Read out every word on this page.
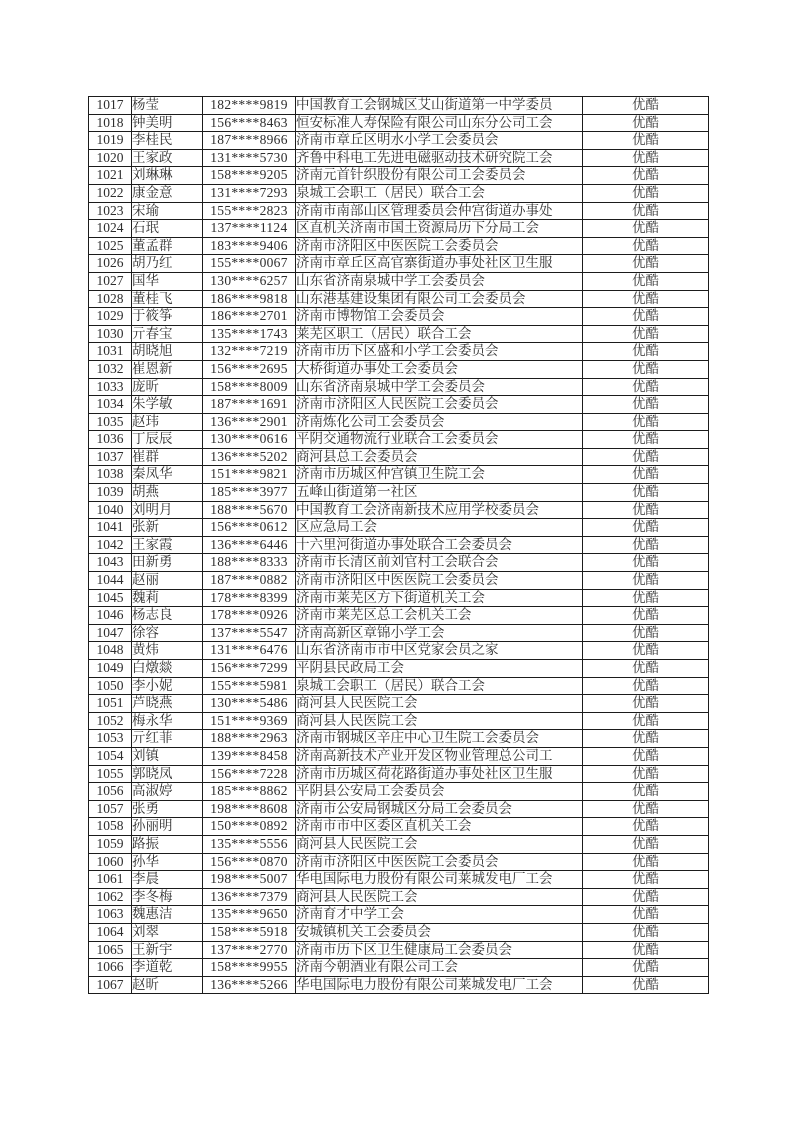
1017	杨莹	182****9819	中国教育工会钢城区艾山街道第一中学委员	优酷
1018	钟美明	156****8463	恒安标准人寿保险有限公司山东分公司工会	优酷
1019	李桂民	187****8966	济南市章丘区明水小学工会委员会	优酷
1020	王家政	131****5730	齐鲁中科电工先进电磁驱动技术研究院工会	优酷
1021	刘琳琳	158****9205	济南元首针织股份有限公司工会委员会	优酷
1022	康金意	131****7293	泉城工会职工（居民）联合工会	优酷
1023	宋瑜	155****2823	济南市南部山区管理委员会仲宫街道办事处	优酷
1024	石珉	137****1124	区直机关济南市国土资源局历下分局工会	优酷
1025	董孟群	183****9406	济南市济阳区中医医院工会委员会	优酷
1026	胡乃红	155****0067	济南市章丘区高官寨街道办事处社区卫生服	优酷
1027	国华	130****6257	山东省济南泉城中学工会委员会	优酷
1028	董桂飞	186****9818	山东港基建设集团有限公司工会委员会	优酷
1029	于筱筝	186****2701	济南市博物馆工会委员会	优酷
1030	亓春宝	135****1743	莱芜区职工（居民）联合工会	优酷
1031	胡晓旭	132****7219	济南市历下区盛和小学工会委员会	优酷
1032	崔恩新	156****2695	大桥街道办事处工会委员会	优酷
1033	庞昕	158****8009	山东省济南泉城中学工会委员会	优酷
1034	朱学敏	187****1691	济南市济阳区人民医院工会委员会	优酷
1035	赵玮	136****2901	济南炼化公司工会委员会	优酷
1036	丁辰辰	130****0616	平阴交通物流行业联合工会委员会	优酷
1037	崔群	136****5202	商河县总工会委员会	优酷
1038	秦凤华	151****9821	济南市历城区仲宫镇卫生院工会	优酷
1039	胡燕	185****3977	五峰山街道第一社区	优酷
1040	刘明月	188****5670	中国教育工会济南新技术应用学校委员会	优酷
1041	张新	156****0612	区应急局工会	优酷
1042	王家霞	136****6446	十六里河街道办事处联合工会委员会	优酷
1043	田新勇	188****8333	济南市长清区前刘官村工会联合会	优酷
1044	赵丽	187****0882	济南市济阳区中医医院工会委员会	优酷
1045	魏莉	178****8399	济南市莱芜区方下街道机关工会	优酷
1046	杨志良	178****0926	济南市莱芜区总工会机关工会	优酷
1047	徐容	137****5547	济南高新区章锦小学工会	优酷
1048	黄炜	131****6476	山东省济南市市中区党家会员之家	优酷
1049	白燉燚	156****7299	平阴县民政局工会	优酷
1050	李小妮	155****5981	泉城工会职工（居民）联合工会	优酷
1051	芦晓燕	130****5486	商河县人民医院工会	优酷
1052	梅永华	151****9369	商河县人民医院工会	优酷
1053	亓红菲	188****2963	济南市钢城区辛庄中心卫生院工会委员会	优酷
1054	刘镇	139****8458	济南高新技术产业开发区物业管理总公司工	优酷
1055	郭晓凤	156****7228	济南市历城区荷花路街道办事处社区卫生服	优酷
1056	高淑婷	185****8862	平阴县公安局工会委员会	优酷
1057	张勇	198****8608	济南市公安局钢城区分局工会委员会	优酷
1058	孙丽明	150****0892	济南市市中区委区直机关工会	优酷
1059	路振	135****5556	商河县人民医院工会	优酷
1060	孙华	156****0870	济南市济阳区中医医院工会委员会	优酷
1061	李晨	198****5007	华电国际电力股份有限公司莱城发电厂工会	优酷
1062	李冬梅	136****7379	商河县人民医院工会	优酷
1063	魏惠洁	135****9650	济南育才中学工会	优酷
1064	刘翠	158****5918	安城镇机关工会委员会	优酷
1065	王新宇	137****2770	济南市历下区卫生健康局工会委员会	优酷
1066	李道乾	158****9955	济南今朝酒业有限公司工会	优酷
1067	赵昕	136****5266	华电国际电力股份有限公司莱城发电厂工会	优酷
